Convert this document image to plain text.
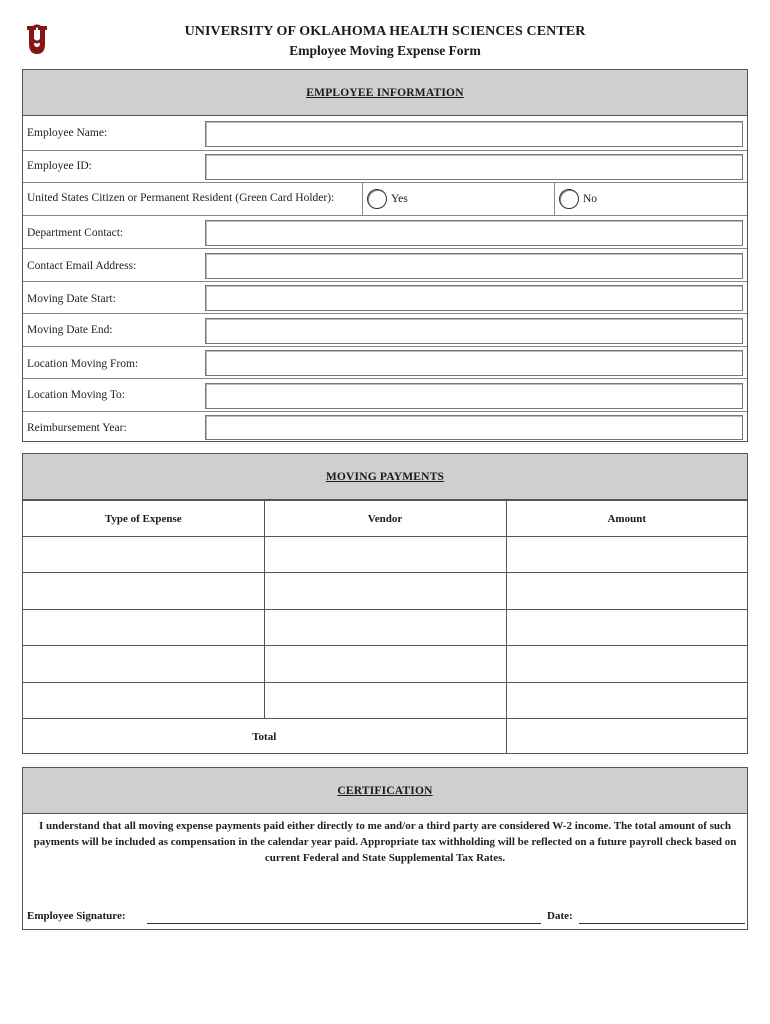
UNIVERSITY OF OKLAHOMA HEALTH SCIENCES CENTER
Employee Moving Expense Form
EMPLOYEE INFORMATION
Employee Name:
Employee ID:
United States Citizen or Permanent Resident (Green Card Holder):	Yes	No
Department Contact:
Contact Email Address:
Moving Date Start:
Moving Date End:
Location Moving From:
Location Moving To:
Reimbursement Year:
MOVING PAYMENTS
Type of Expense	Vendor	Amount

Total		
CERTIFICATION
I understand that all moving expense payments paid either directly to me and/or a third party are considered W-2 income. The total amount of such payments will be included as compensation in the calendar year paid. Appropriate tax withholding will be reflected on a future payroll check based on current Federal and State Supplemental Tax Rates.
Employee Signature:	Date:
